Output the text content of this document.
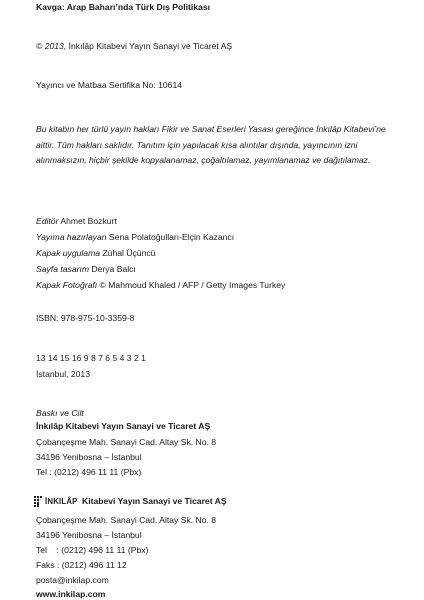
Kavga: Arap Baharı’nda Türk Dış Politikası
© 2013, İnkılâp Kitabevi Yayın Sanayi ve Ticaret AŞ
Yayıncı ve Matbaa Sertifika No: 10614
Bu kitabın her türlü yayın hakları Fikir ve Sanat Eserleri Yasası gereğince İnkılâp Kitabevi’ne aittir. Tüm hakları saklıdır. Tanıtım için yapılacak kısa alıntılar dışında, yayıncının izni alınmaksızın, hiçbir şekilde kopyalanamaz, çoğaltılamaz, yayımlanamaz ve dağıtılamaz.
Editör Ahmet Bozkurt
Yayıma hazırlayan Sena Polatoğulları-Elçin Kazancı
Kapak uygulama Zühal Üçüncü
Sayfa tasarım Derya Balcı
Kapak Fotoğrafı © Mahmoud Khaled / AFP / Getty Images Turkey
ISBN: 978-975-10-3359-8
13 14 15 16 9 8 7 6 5 4 3 2 1
İstanbul, 2013
Baskı ve Cilt
İnkılâp Kitabevi Yayın Sanayi ve Ticaret AŞ
Çobançeşme Mah. Sanayi Cad. Altay Sk. No. 8
34196 Yenibosna – İstanbul
Tel : (0212) 496 11 11 (Pbx)
İNKILÂP Kitabevi Yayın Sanayi ve Ticaret AŞ
Çobançeşme Mah. Sanayi Cad. Altay Sk. No. 8
34196 Yenibosna – İstanbul
Tel    : (0212) 496 11 11 (Pbx)
Faks : (0212) 496 11 12
posta@inkilap.com
www.inkilap.com
